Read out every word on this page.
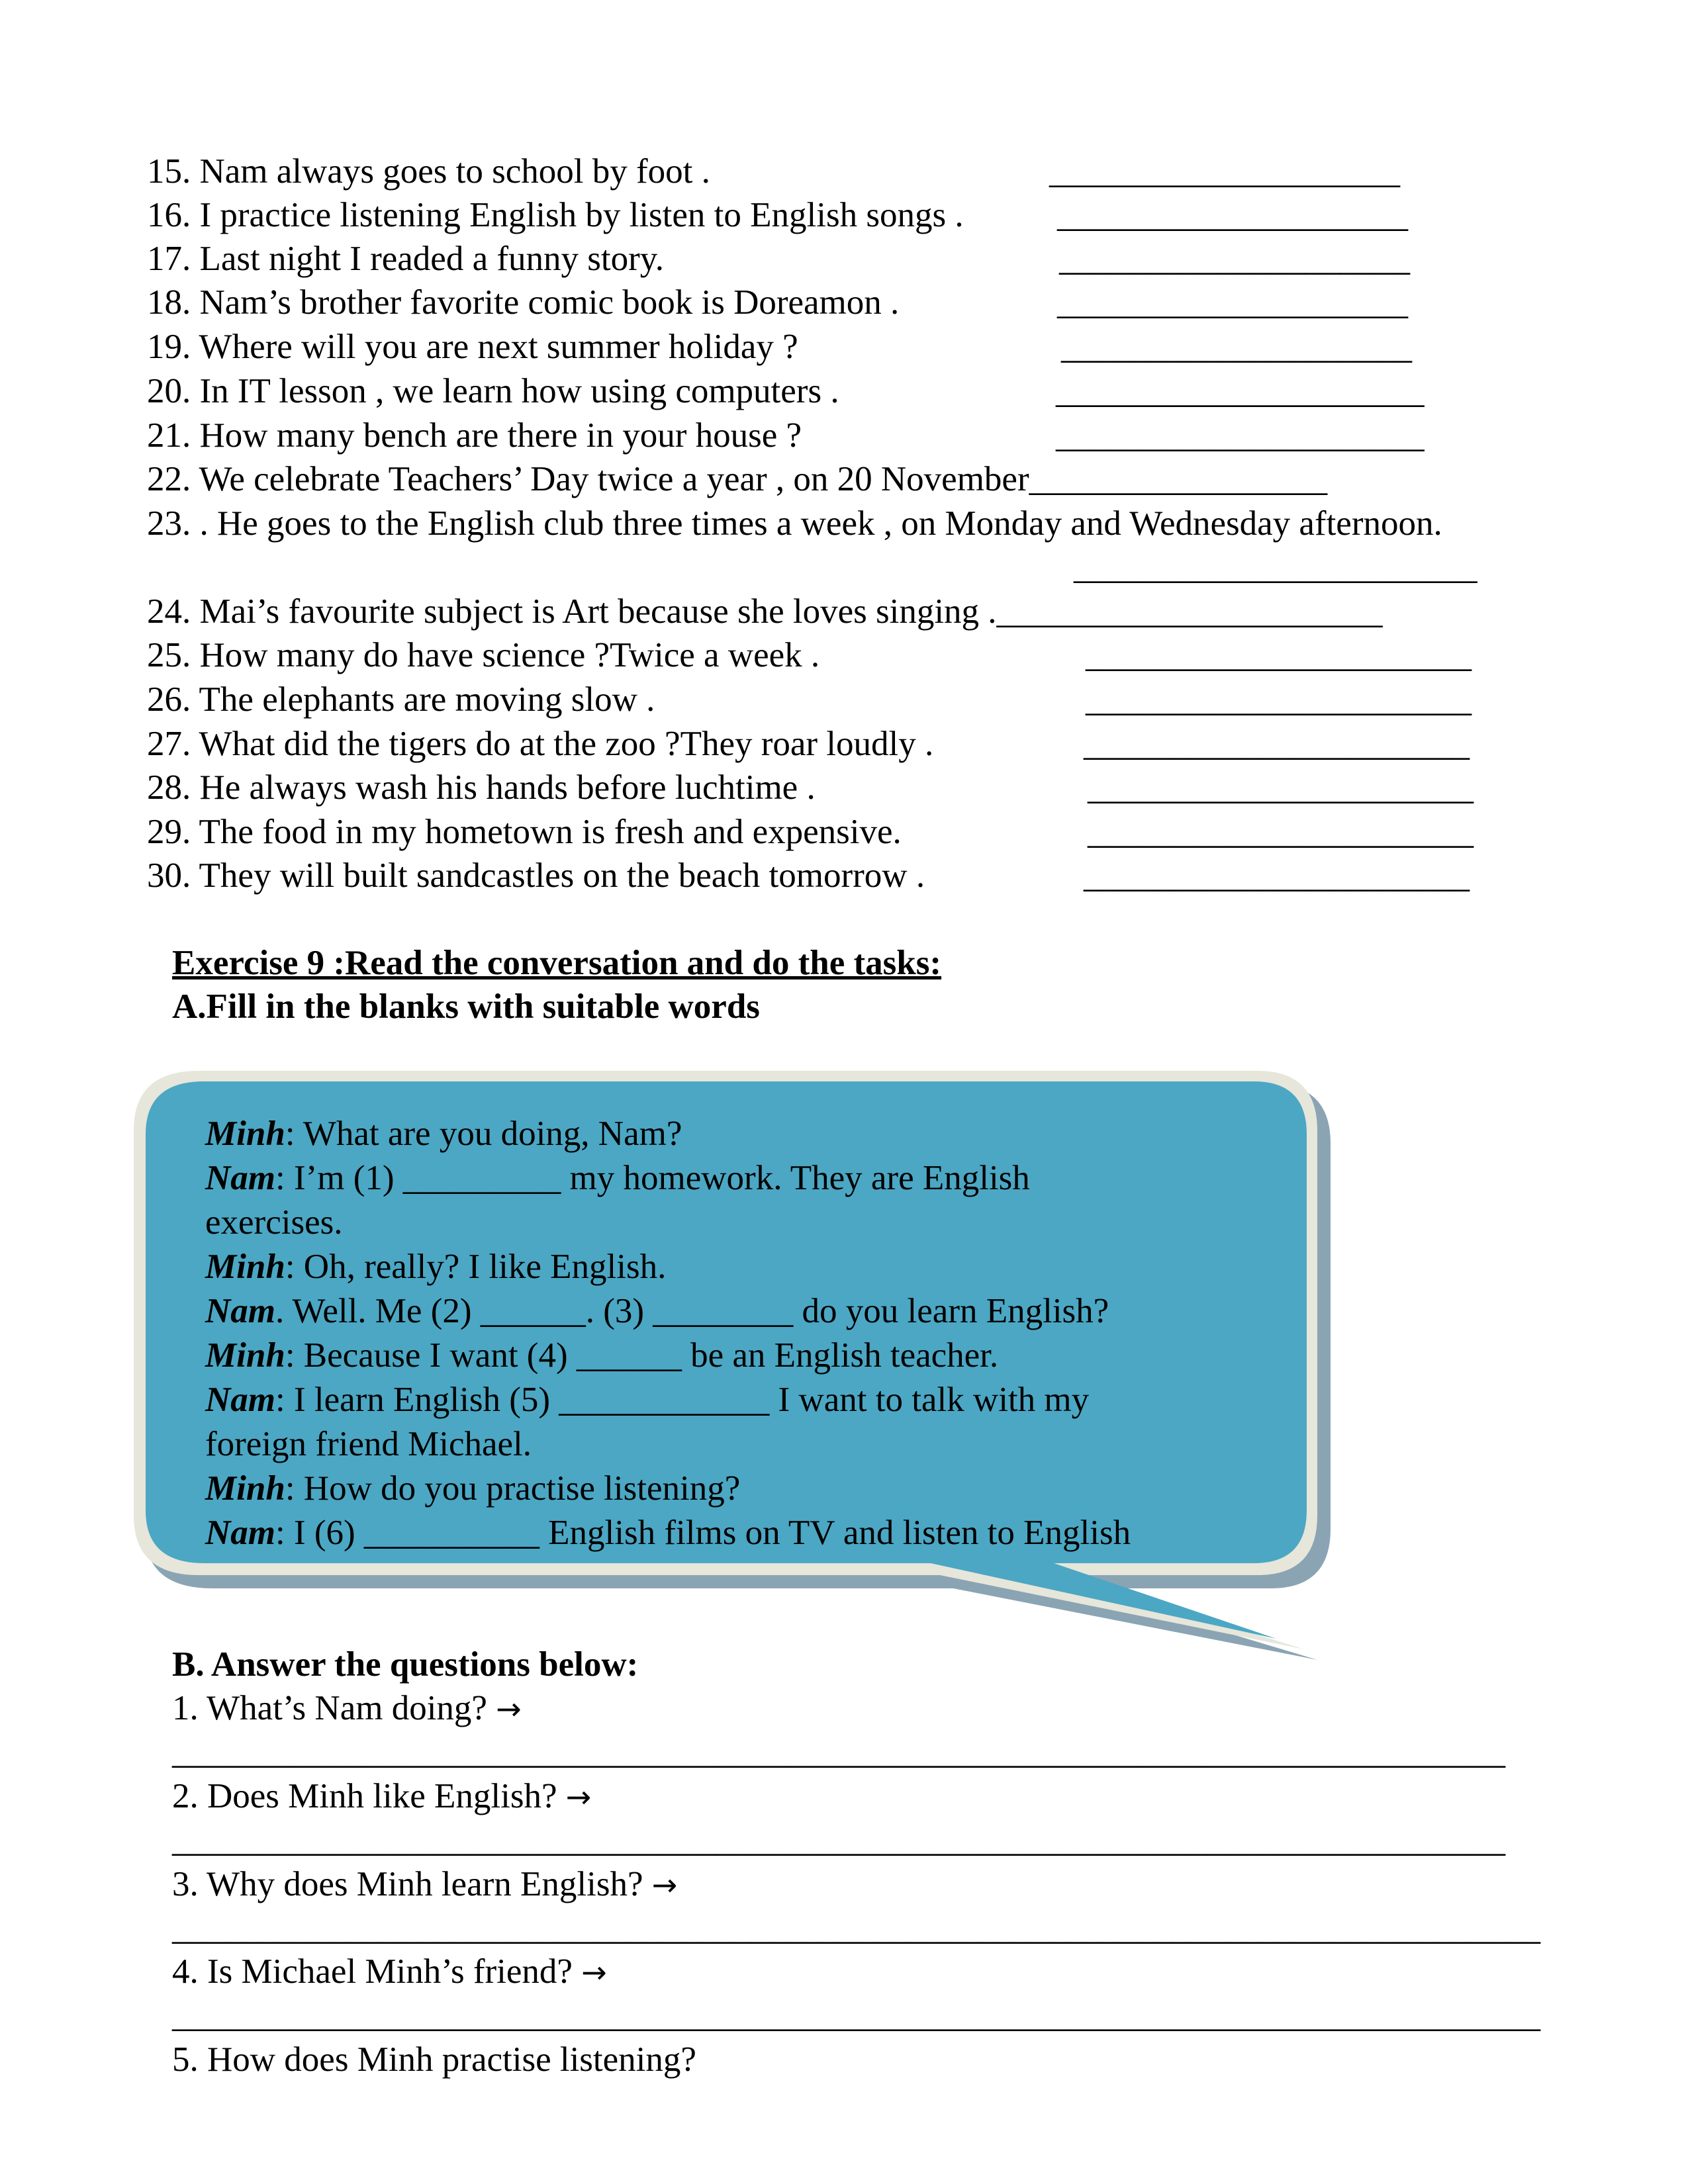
15. Nam always goes to school by foot .	____________________
16. I practice listening English by listen to English songs .	____________________
17. Last night I readed a funny story.	____________________
18. Nam’s brother favorite comic book is Doreamon .	____________________
19. Where will you are next summer holiday ?	____________________
20. In IT lesson , we learn how using computers .	_____________________
21. How many bench are there in your house ?	_____________________
22. We celebrate Teachers’ Day twice a year , on 20 November_________________
23. . He goes to the English club three times a week , on Monday and Wednesday afternoon.
_______________________
24. Mai’s favourite subject is Art because she loves singing .______________________
25. How many do have science ?Twice a week .	______________________
26. The elephants are moving slow .	______________________
27. What did the tigers do at the zoo ?They roar loudly .	______________________
28. He always wash his hands before luchtime .	______________________
29. The food in my hometown is fresh and expensive.	______________________
30. They will built sandcastles on the beach tomorrow .	______________________
Exercise 9 :Read the conversation and do the tasks:
A.Fill in the blanks with suitable words
Minh: What are you doing, Nam?
Nam: I’m (1) _________ my homework. They are English
exercises.
Minh: Oh, really? I like English.
Nam. Well. Me (2) ______. (3) ________ do you learn English?
Minh: Because I want (4) ______ be an English teacher.
Nam: I learn English (5) ____________ I want to talk with my
foreign friend Michael.
Minh: How do you practise listening?
Nam: I (6) __________ English films on TV and listen to English
B. Answer the questions below:
1. What’s Nam doing? →
____________________________________________________________________________
2. Does Minh like English? →
____________________________________________________________________________
3. Why does Minh learn English? →
______________________________________________________________________________
4. Is Michael Minh’s friend? →
______________________________________________________________________________
5. How does Minh practise listening?
